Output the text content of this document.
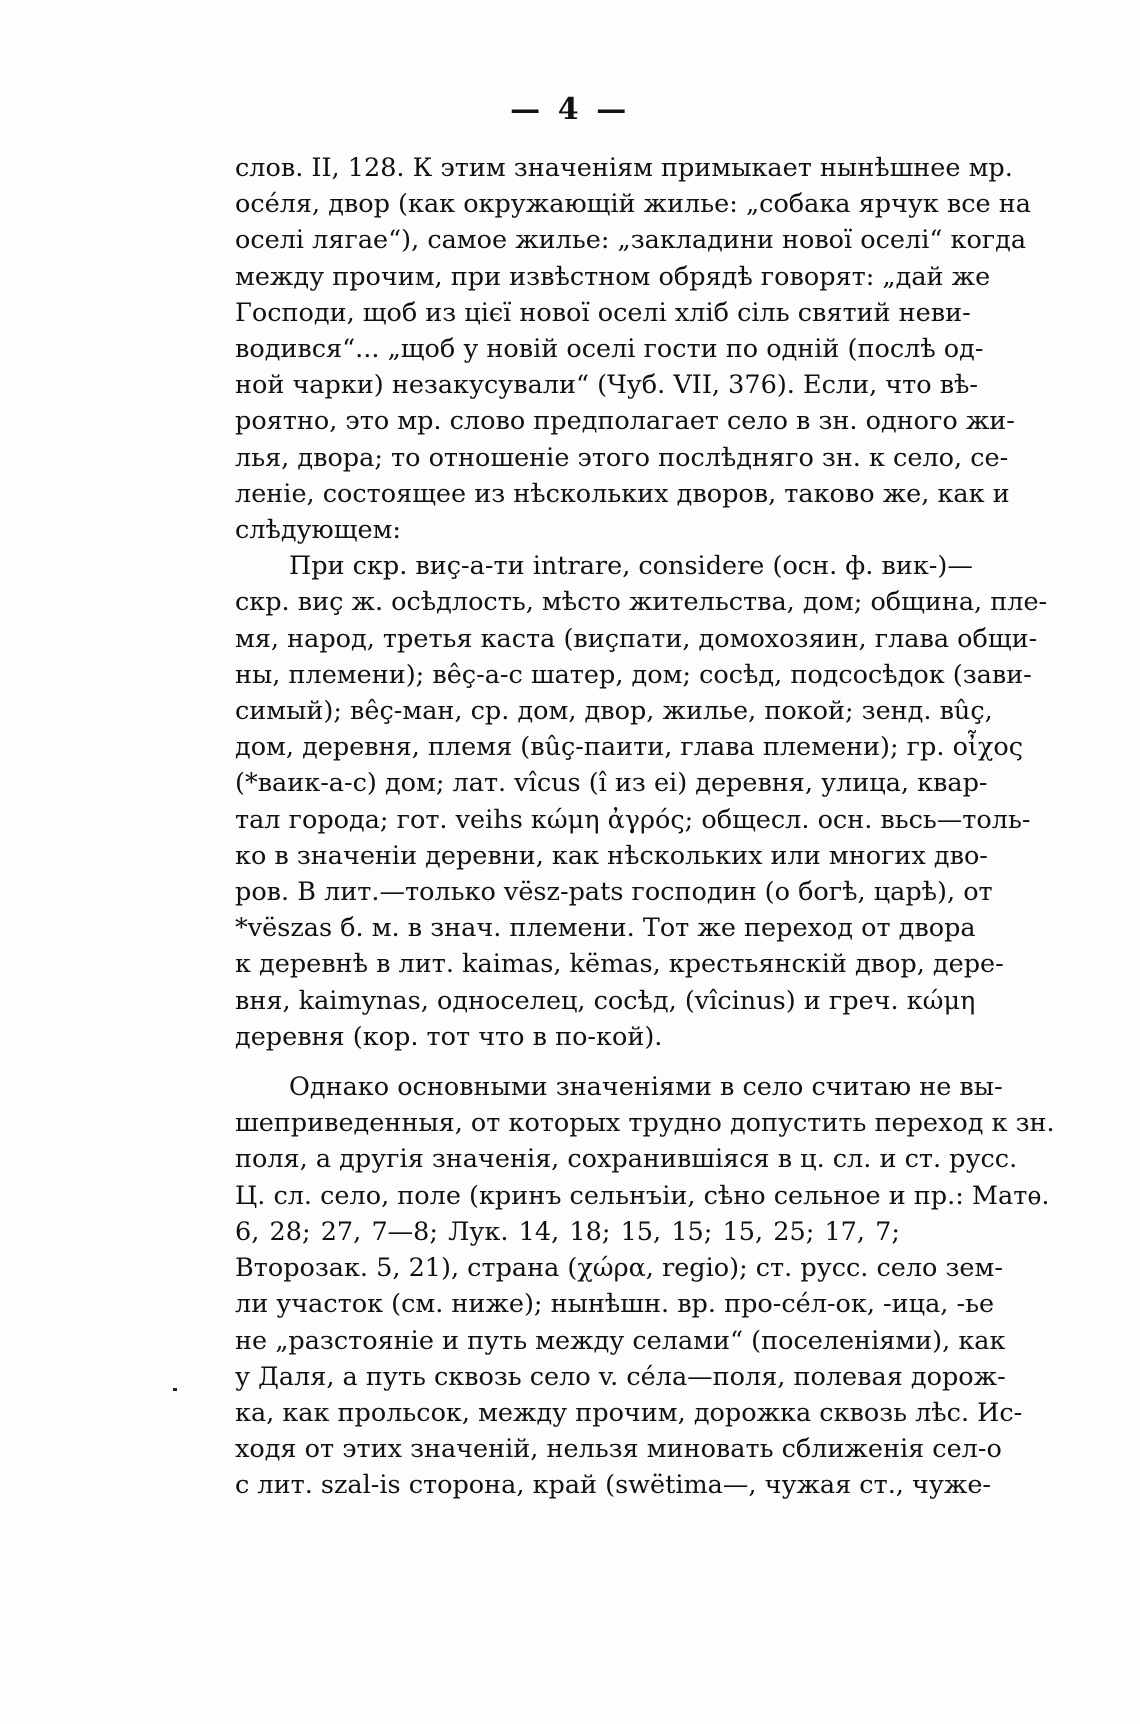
— 4 —
слов. II, 128. К этим значеніям примыкает нынѣшнее мр.
осе́ля, двор (как окружающій жилье: „собака ярчук все на
оселі лягае“), самое жилье: „закладини нової оселі“ когда
между прочим, при извѣстном обрядѣ говорят: „дай же
Господи, щоб из цієї нової оселі хліб сіль святий неви-
водився“... „щоб у новій оселі гости по одній (послѣ од-
ной чарки) незакусували“ (Чуб. VII, 376). Если, что вѣ-
роятно, это мр. слово предполагает село в зн. одного жи-
лья, двора; то отношеніе этого послѣдняго зн. к село, се-
леніе, состоящее из нѣскольких дворов, таково же, как и
слѣдующем:
При скр. виç-а-ти intrare, considere (осн. ф. вик-)—
скр. виç ж. осѣдлость, мѣсто жительства, дом; община, пле-
мя, народ, третья каста (виçпати, домохозяин, глава общи-
ны, племени); вêç-а-с шатер, дом; сосѣд, подсосѣдок (зави-
симый); вêç-ман, ср. дом, двор, жилье, покой; зенд. вûç,
дом, деревня, племя (вûç-паити, глава племени); гр. οἶχος
(*ваик-а-с) дом; лат. vîcus (î из ei) деревня, улица, квар-
тал города; гот. veihs κώμη ἀγρός; общесл. осн. вьсь—толь-
ко в значеніи деревни, как нѣскольких или многих дво-
ров. В лит.—только vësz-pats господин (о богѣ, царѣ), от
*vëszas б. м. в знач. племени. Тот же переход от двора
к деревнѣ в лит. kaimas, këmas, крестьянскій двор, дере-
вня, kaimynas, односелец, сосѣд, (vîcinus) и греч. κώμη
деревня (кор. тот что в по-кой).
Однако основными значеніями в село считаю не вы-
шеприведенныя, от которых трудно допустить переход к зн.
поля, а другія значенія, сохранившіяся в ц. сл. и ст. русс.
Ц. сл. село, поле (кринъ сельнъіи, сѣно сельное и пр.: Матѳ.
6, 28; 27, 7—8; Лук. 14, 18; 15, 15; 15, 25; 17, 7;
Второзак. 5, 21), страна (χώρα, regio); ст. русс. село зем-
ли участок (см. ниже); нынѣшн. вр. про-се́л-ок, -ица, -ье
не „разстояніе и путь между селами“ (поселеніями), как
у Даля, а путь сквозь село v. се́ла—поля, полевая дорож-
ка, как прольсок, между прочим, дорожка сквозь лѣс. Ис-
ходя от этих значеній, нельзя миновать сближенія сел-о
с лит. szal-is сторона, край (swëtima—, чужая ст., чуже-
